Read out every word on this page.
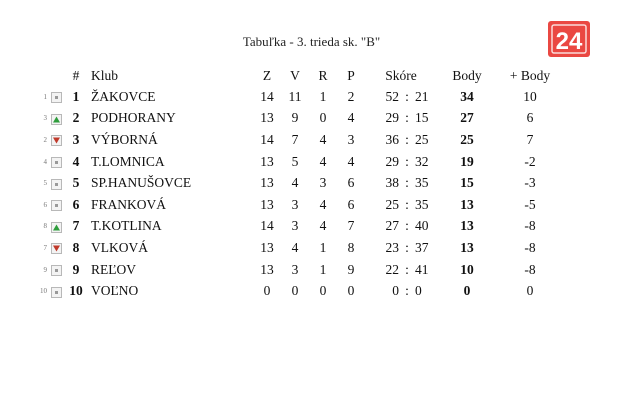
Tabuľka - 3. trieda sk. "B"	24
		#	Klub	Z	V	R	P	Skóre			Body	+ Body
1		1	ŽAKOVCE	14	11	1	2	52	:	21	34	10
3		2	PODHORANY	13	9	0	4	29	:	15	27	6
2		3	VÝBORNÁ	14	7	4	3	36	:	25	25	7
4		4	T.LOMNICA	13	5	4	4	29	:	32	19	-2
5		5	SP.HANUŠOVCE	13	4	3	6	38	:	35	15	-3
6		6	FRANKOVÁ	13	3	4	6	25	:	35	13	-5
8		7	T.KOTLINA	14	3	4	7	27	:	40	13	-8
7		8	VLKOVÁ	13	4	1	8	23	:	37	13	-8
9		9	REĽOV	13	3	1	9	22	:	41	10	-8
10		10	VOĽNO	0	0	0	0	0	:	0	0	0
